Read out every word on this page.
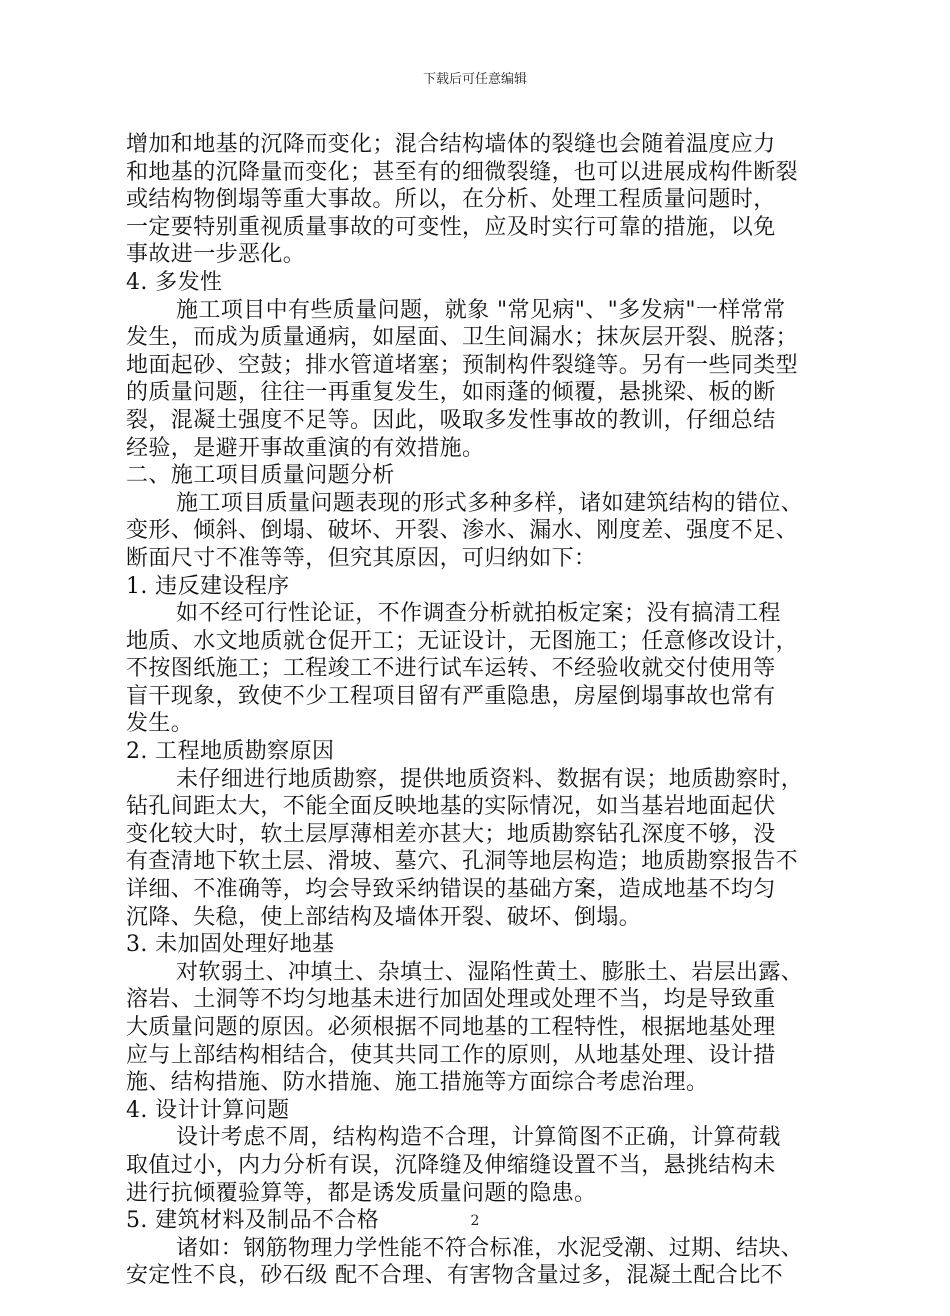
下载后可任意编辑
增加和地基的沉降而变化；混合结构墙体的裂缝也会随着温度应力
和地基的沉降量而变化；甚至有的细微裂缝，也可以进展成构件断裂
或结构物倒塌等重大事故。所以，在分析、处理工程质量问题时，
一定要特别重视质量事故的可变性，应及时实行可靠的措施，以免
事故进一步恶化。
4. 多发性
施工项目中有些质量问题，就象 "常见病"、"多发病"一样常常
发生，而成为质量通病，如屋面、卫生间漏水；抹灰层开裂、脱落；
地面起砂、空鼓；排水管道堵塞；预制构件裂缝等。另有一些同类型
的质量问题，往往一再重复发生，如雨蓬的倾覆，悬挑梁、板的断
裂，混凝土强度不足等。因此，吸取多发性事故的教训，仔细总结
经验，是避开事故重演的有效措施。
二、施工项目质量问题分析
施工项目质量问题表现的形式多种多样，诸如建筑结构的错位、
变形、倾斜、倒塌、破坏、开裂、渗水、漏水、刚度差、强度不足、
断面尺寸不准等等，但究其原因，可归纳如下：
1. 违反建设程序
如不经可行性论证，不作调查分析就拍板定案；没有搞清工程
地质、水文地质就仓促开工；无证设计，无图施工；任意修改设计，
不按图纸施工；工程竣工不进行试车运转、不经验收就交付使用等
盲干现象，致使不少工程项目留有严重隐患，房屋倒塌事故也常有
发生。
2. 工程地质勘察原因
未仔细进行地质勘察，提供地质资料、数据有误；地质勘察时，
钻孔间距太大，不能全面反映地基的实际情况，如当基岩地面起伏
变化较大时，软土层厚薄相差亦甚大；地质勘察钻孔深度不够，没
有查清地下软土层、滑坡、墓穴、孔洞等地层构造；地质勘察报告不
详细、不准确等，均会导致采纳错误的基础方案，造成地基不均匀
沉降、失稳，使上部结构及墙体开裂、破坏、倒塌。
3. 未加固处理好地基
对软弱土、冲填土、杂填士、湿陷性黄土、膨胀土、岩层出露、
溶岩、土洞等不均匀地基未进行加固处理或处理不当，均是导致重
大质量问题的原因。必须根据不同地基的工程特性，根据地基处理
应与上部结构相结合，使其共同工作的原则，从地基处理、设计措
施、结构措施、防水措施、施工措施等方面综合考虑治理。
4. 设计计算问题
设计考虑不周，结构构造不合理，计算简图不正确，计算荷载
取值过小，内力分析有误，沉降缝及伸缩缝设置不当，悬挑结构未
进行抗倾覆验算等，都是诱发质量问题的隐患。
5. 建筑材料及制品不合格
诸如：钢筋物理力学性能不符合标准，水泥受潮、过期、结块、
安定性不良，砂石级 配不合理、有害物含量过多，混凝土配合比不
2
